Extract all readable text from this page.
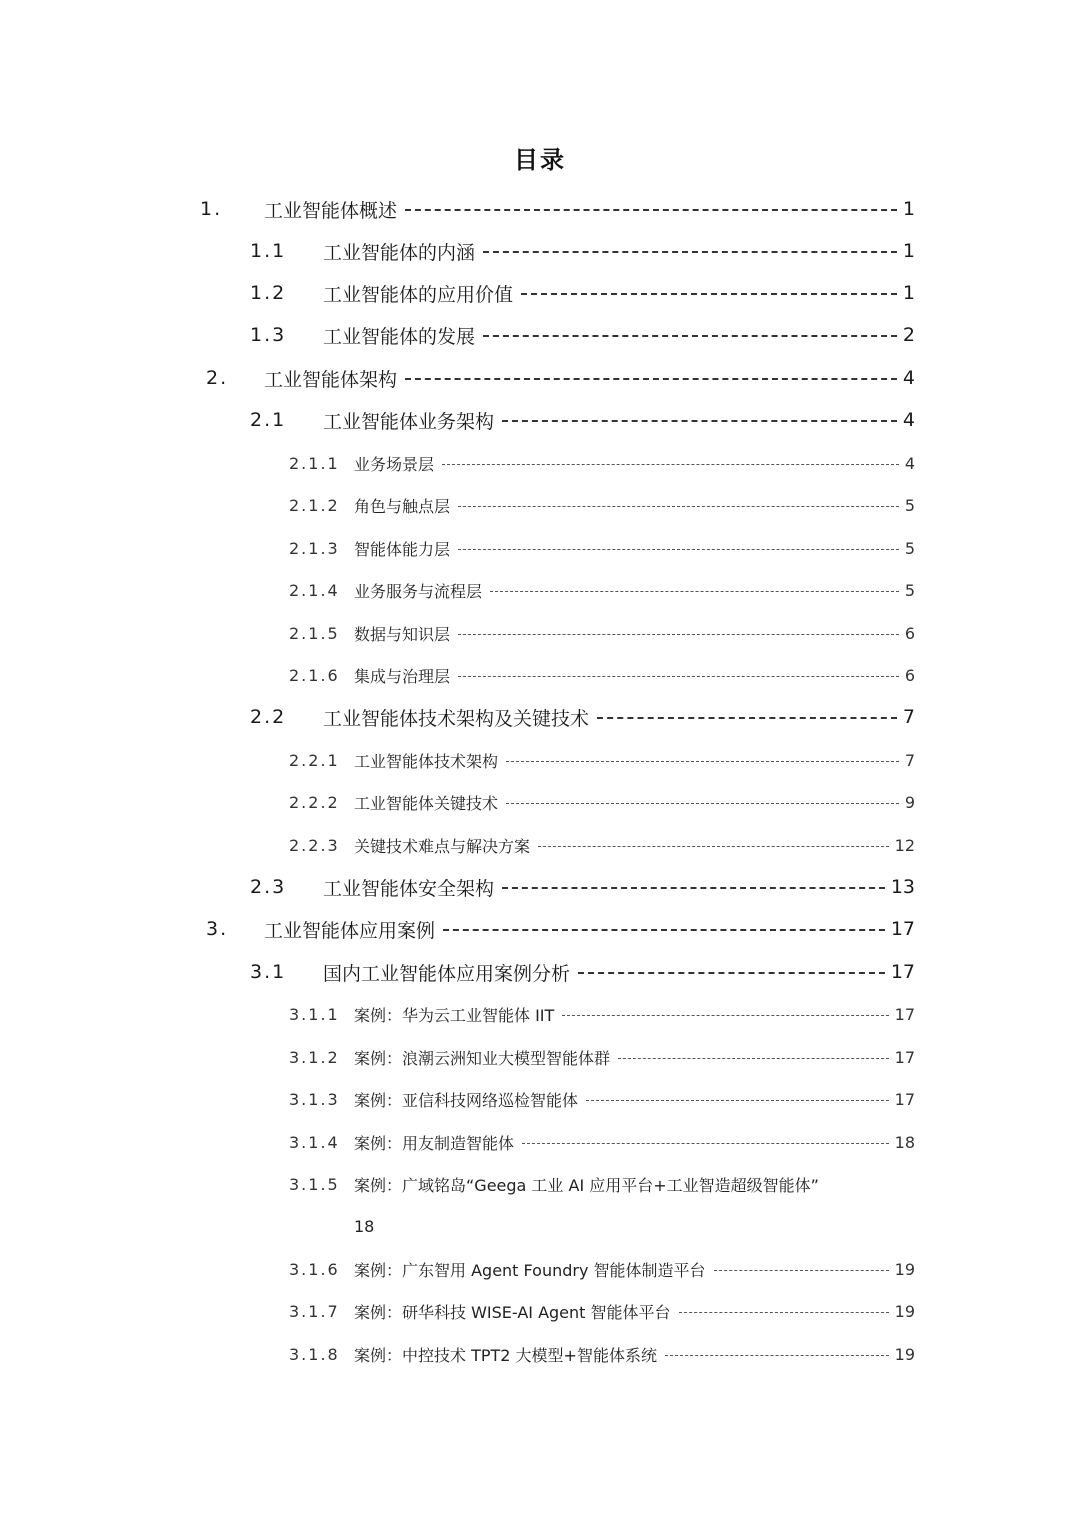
目录
1.	工业智能体概述	1
1.1	工业智能体的内涵	1
1.2	工业智能体的应用价值	1
1.3	工业智能体的发展	2
2.	工业智能体架构	4
2.1	工业智能体业务架构	4
2.1.1 业务场景层	4
2.1.2 角色与触点层	5
2.1.3 智能体能力层	5
2.1.4 业务服务与流程层	5
2.1.5 数据与知识层	6
2.1.6 集成与治理层	6
2.2	工业智能体技术架构及关键技术	7
2.2.1 工业智能体技术架构	7
2.2.2 工业智能体关键技术	9
2.2.3 关键技术难点与解决方案	12
2.3	工业智能体安全架构	13
3.	工业智能体应用案例	17
3.1	国内工业智能体应用案例分析	17
3.1.1 案例：华为云工业智能体 IIT	17
3.1.2 案例：浪潮云洲知业大模型智能体群	17
3.1.3 案例：亚信科技网络巡检智能体	17
3.1.4 案例：用友制造智能体	18
3.1.5 案例：广域铭岛“Geega 工业 AI 应用平台+工业智造超级智能体”
18
3.1.6 案例：广东智用 Agent Foundry 智能体制造平台	19
3.1.7 案例：研华科技 WISE-AI Agent 智能体平台	19
3.1.8 案例：中控技术 TPT2 大模型+智能体系统	19
